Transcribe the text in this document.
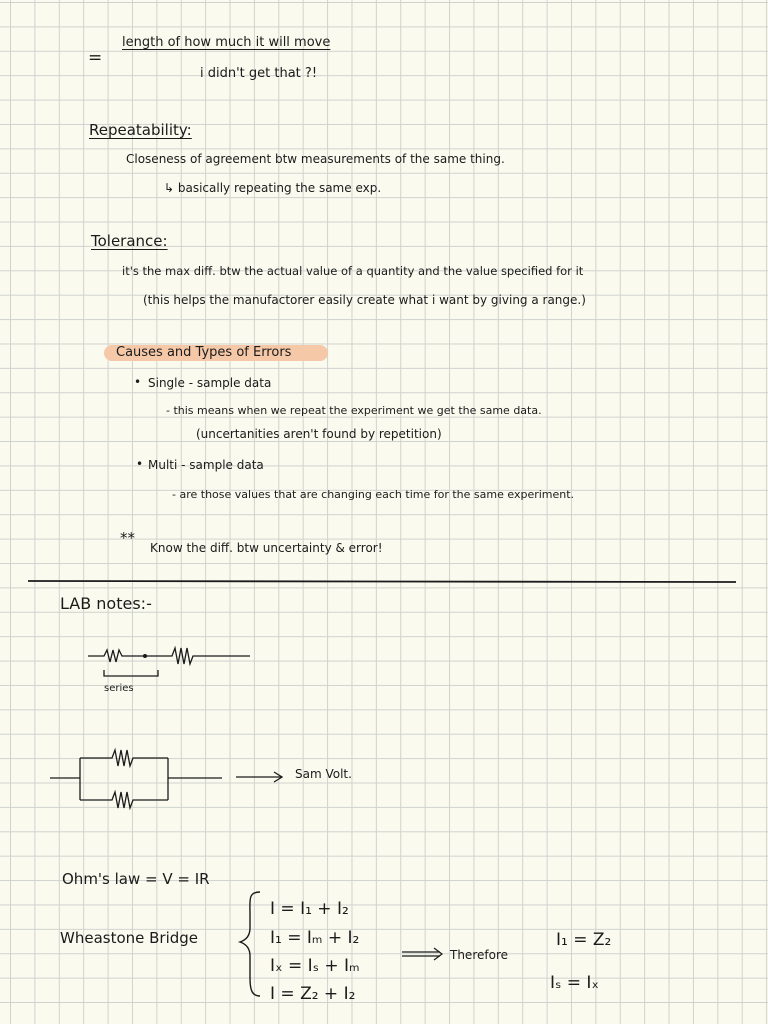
=
length of how much it will move
i didn't get that ?!
Repeatability:
Closeness of agreement btw measurements of the same thing.
↳ basically repeating the same exp.
Tolerance:
it's the max diff. btw the actual value of a quantity and the value specified for it
(this helps the manufactorer easily create what i want by giving a range.)
Causes and Types of Errors
• Single - sample data
- this means when we repeat the experiment we get the same data.
(uncertanities aren't found by repetition)
• Multi - sample data
- are those values that are changing each time for the same experiment.
**
Know the diff. btw uncertainty & error!
LAB notes:-
series
Sam Volt.
Ohm's law = V = IR
Wheastone Bridge
I = I₁ + I₂
I₁ = Iₘ + I₂
Iₓ = Iₛ + Iₘ
I = Z₂ + I₂
Therefore
I₁ = Z₂
Iₛ = Iₓ
